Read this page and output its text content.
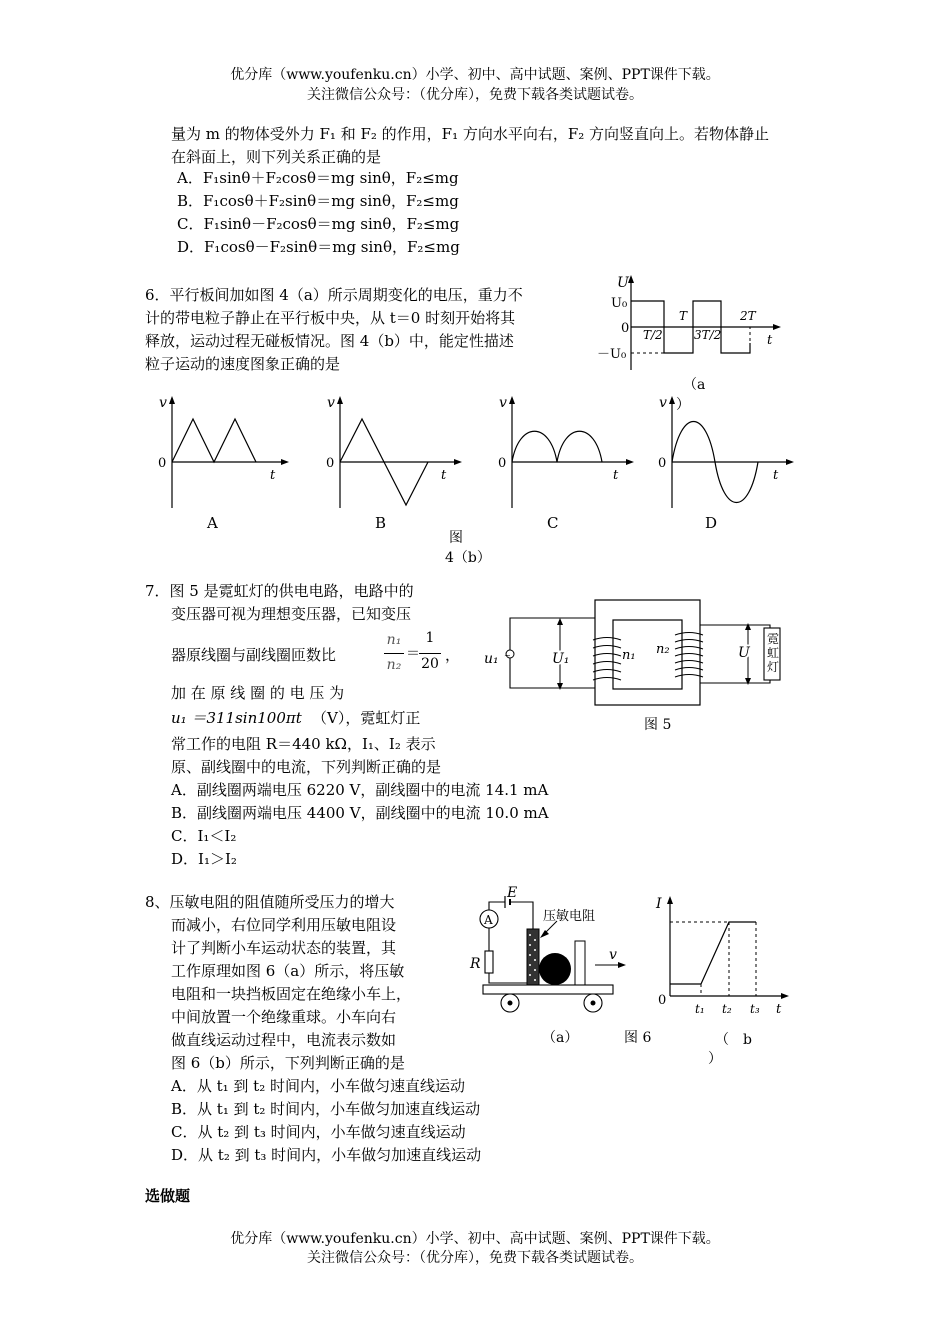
优分库（www.youfenku.cn）小学、初中、高中试题、案例、PPT课件下载。
关注微信公众号：（优分库），免费下载各类试题试卷。
量为 m 的物体受外力 F₁ 和 F₂ 的作用，F₁ 方向水平向右，F₂ 方向竖直向上。若物体静止
在斜面上，则下列关系正确的是
A．F₁sinθ＋F₂cosθ＝mg sinθ，F₂≤mg
B．F₁cosθ＋F₂sinθ＝mg sinθ，F₂≤mg
C．F₁sinθ－F₂cosθ＝mg sinθ，F₂≤mg
D．F₁cosθ－F₂sinθ＝mg sinθ，F₂≤mg
6．平行板间加如图 4（a）所示周期变化的电压，重力不
计的带电粒子静止在平行板中央，从 t＝0 时刻开始将其
释放，运动过程无碰板情况。图 4（b）中，能定性描述
粒子运动的速度图象正确的是
U
U₀
0
－U₀
t
T/2
T
3T/2
2T
（a
）
v
0
t
v
0
t
v
0
t
v
0
t
A	B	C	D
图
4（b）
7．图 5 是霓虹灯的供电电路，电路中的
变压器可视为理想变压器，已知变压
器原线圈与副线圈匝数比
n₁
n₂
＝
1
20 ，
加 在 原 线 圈 的 电 压 为
u₁ ＝311sin100πt （V），霓虹灯正
常工作的电阻 R＝440 kΩ，I₁、I₂ 表示
原、副线圈中的电流，下列判断正确的是
A．副线圈两端电压 6220 V，副线圈中的电流 14.1 mA
B．副线圈两端电压 4400 V，副线圈中的电流 10.0 mA
C．I₁＜I₂
D．I₁＞I₂
~
u₁	U₁	n₁ n₂	U
霓虹灯
图 5
8、压敏电阻的阻值随所受压力的增大
而减小，右位同学利用压敏电阻设
计了判断小车运动状态的装置，其
工作原理如图 6（a）所示，将压敏
电阻和一块挡板固定在绝缘小车上，
中间放置一个绝缘重球。小车向右
做直线运动过程中，电流表示数如
图 6（b）所示，下列判断正确的是
A．从 t₁ 到 t₂ 时间内，小车做匀速直线运动
B．从 t₁ 到 t₂ 时间内，小车做匀加速直线运动
C．从 t₂ 到 t₃ 时间内，小车做匀速直线运动
D．从 t₂ 到 t₃ 时间内，小车做匀加速直线运动
E
A
R
压敏电阻
v
（a）	图 6
I
0
t₁ t₂ t₃ t
（　b
）
选做题
优分库（www.youfenku.cn）小学、初中、高中试题、案例、PPT课件下载。
关注微信公众号：（优分库），免费下载各类试题试卷。
